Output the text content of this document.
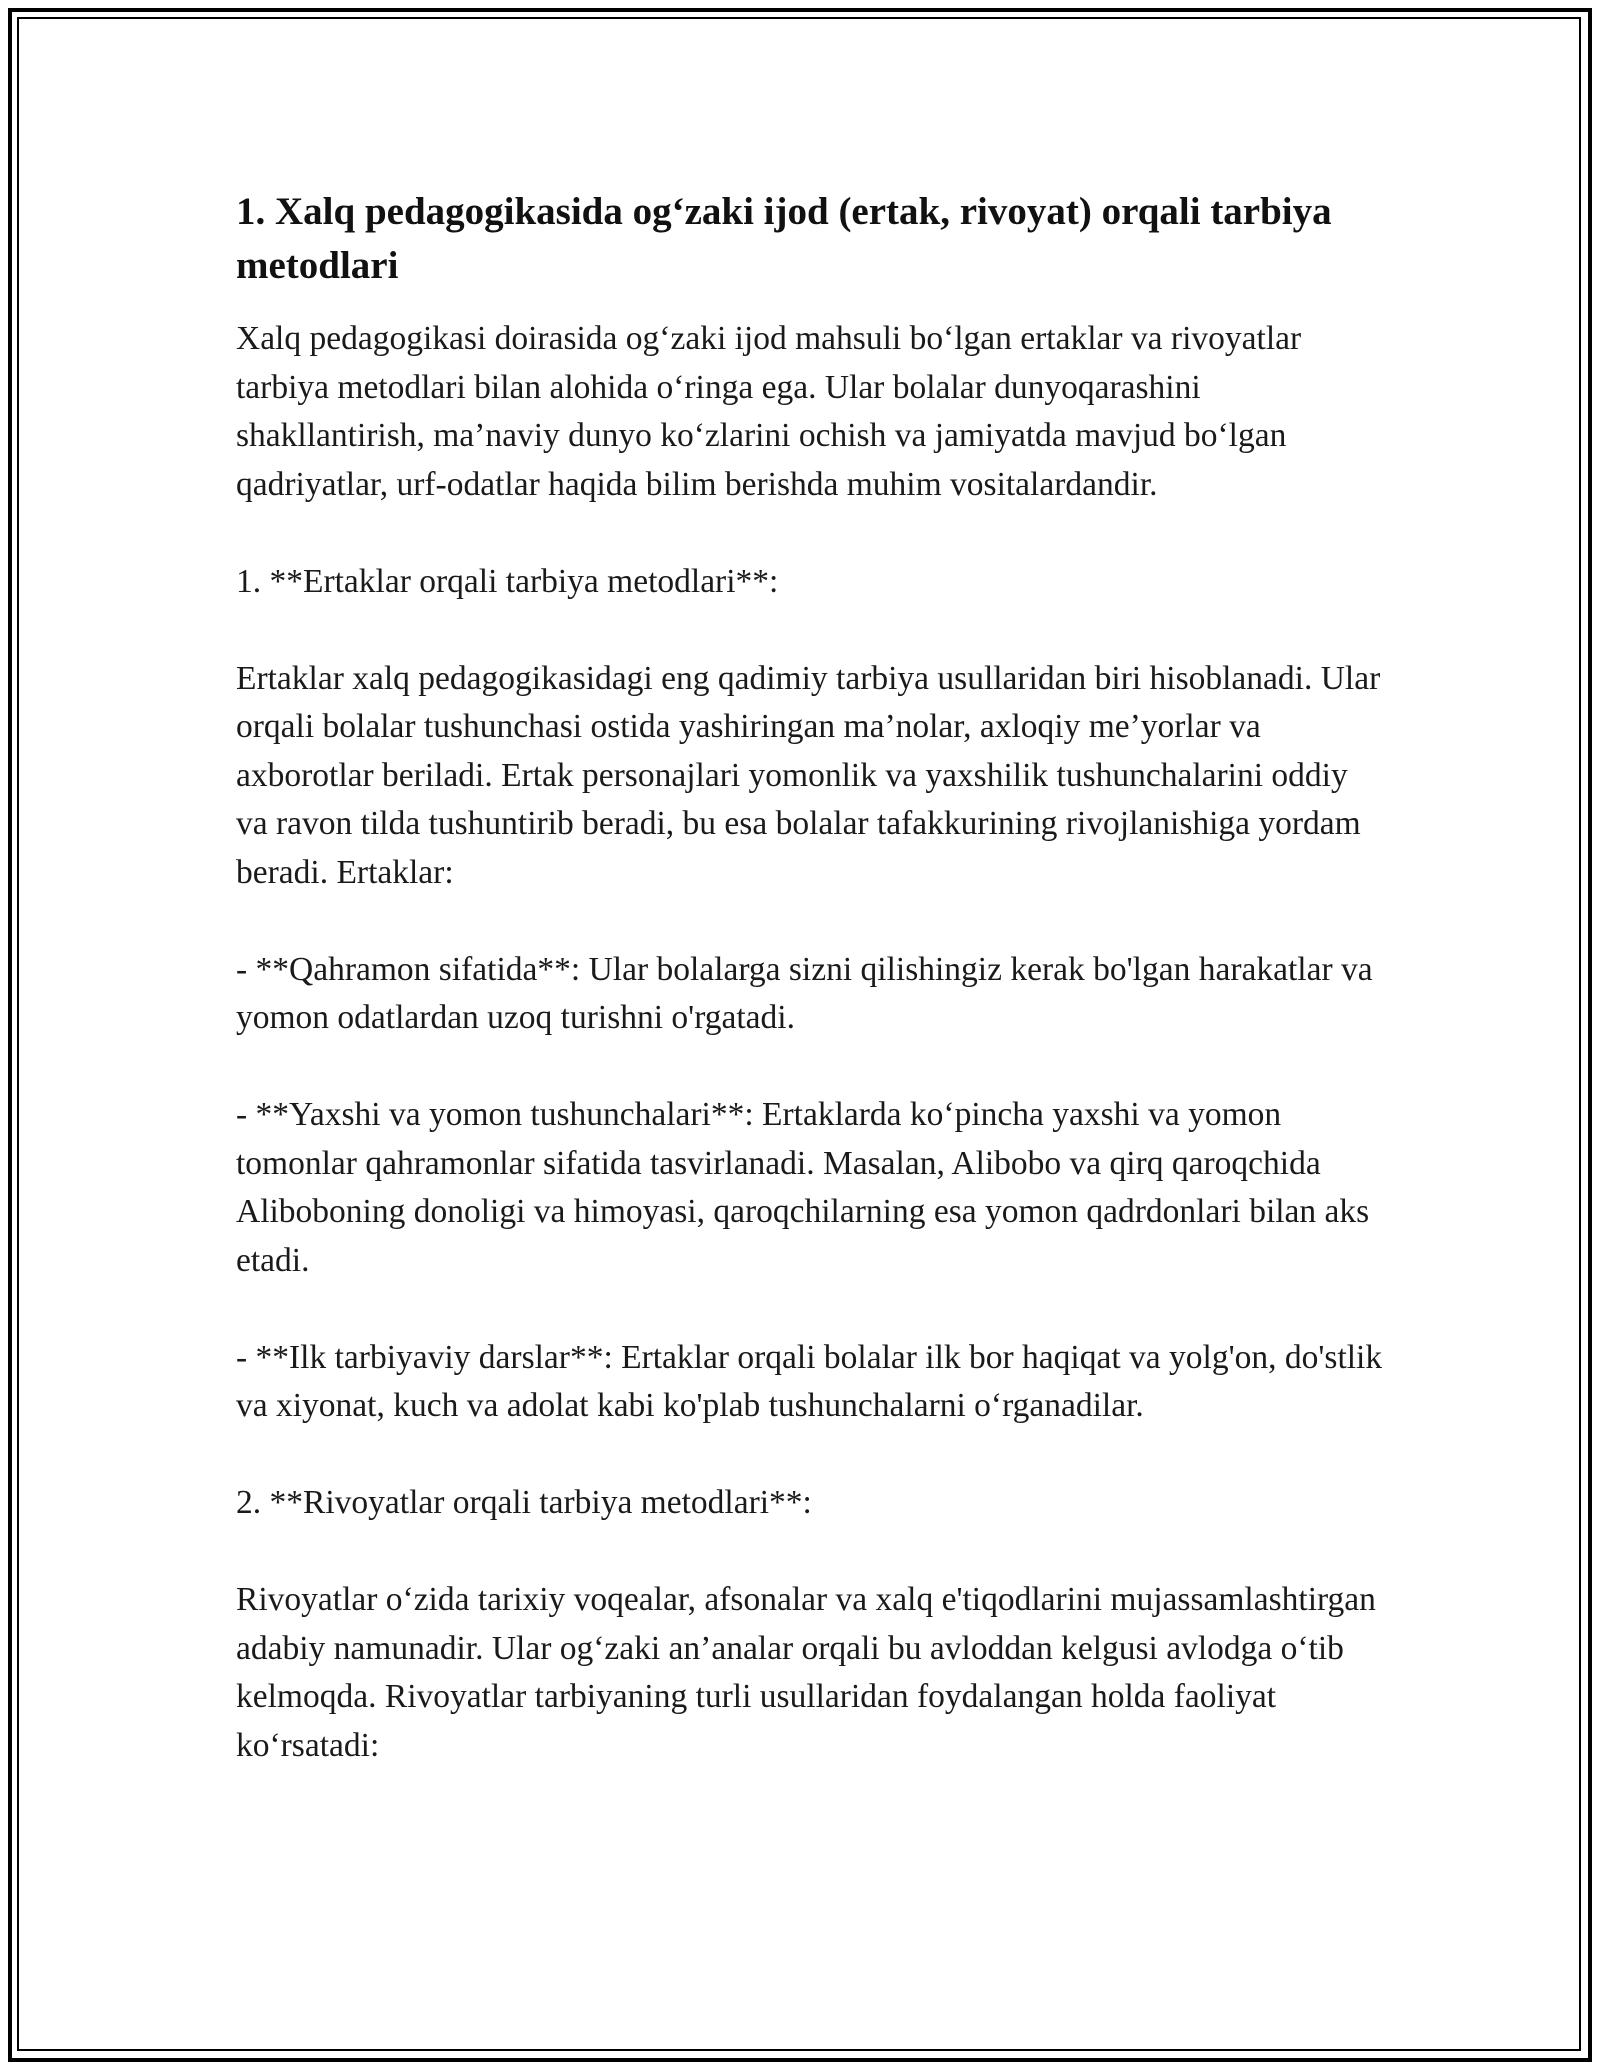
1. Xalq pedagogikasida og‘zaki ijod (ertak, rivoyat) orqali tarbiya metodlari

Xalq pedagogikasi doirasida og‘zaki ijod mahsuli bo‘lgan ertaklar va rivoyatlar tarbiya metodlari bilan alohida o‘ringa ega. Ular bolalar dunyoqarashini shakllantirish, ma’naviy dunyo ko‘zlarini ochish va jamiyatda mavjud bo‘lgan qadriyatlar, urf-odatlar haqida bilim berishda muhim vositalardandir.

1. **Ertaklar orqali tarbiya metodlari**:

Ertaklar xalq pedagogikasidagi eng qadimiy tarbiya usullaridan biri hisoblanadi. Ular orqali bolalar tushunchasi ostida yashiringan ma’nolar, axloqiy me’yorlar va axborotlar beriladi. Ertak personajlari yomonlik va yaxshilik tushunchalarini oddiy va ravon tilda tushuntirib beradi, bu esa bolalar tafakkurining rivojlanishiga yordam beradi. Ertaklar:

- **Qahramon sifatida**: Ular bolalarga sizni qilishingiz kerak bo'lgan harakatlar va yomon odatlardan uzoq turishni o'rgatadi.

- **Yaxshi va yomon tushunchalari**: Ertaklarda ko‘pincha yaxshi va yomon tomonlar qahramonlar sifatida tasvirlanadi. Masalan, Alibobo va qirq qaroqchida Aliboboning donoligi va himoyasi, qaroqchilarning esa yomon qadrdonlari bilan aks etadi.

- **Ilk tarbiyaviy darslar**: Ertaklar orqali bolalar ilk bor haqiqat va yolg'on, do'stlik va xiyonat, kuch va adolat kabi ko'plab tushunchalarni o‘rganadilar.

2. **Rivoyatlar orqali tarbiya metodlari**:

Rivoyatlar o‘zida tarixiy voqealar, afsonalar va xalq e'tiqodlarini mujassamlashtirgan adabiy namunadir. Ular og‘zaki an’analar orqali bu avloddan kelgusi avlodga o‘tib kelmoqda. Rivoyatlar tarbiyaning turli usullaridan foydalangan holda faoliyat ko‘rsatadi:
